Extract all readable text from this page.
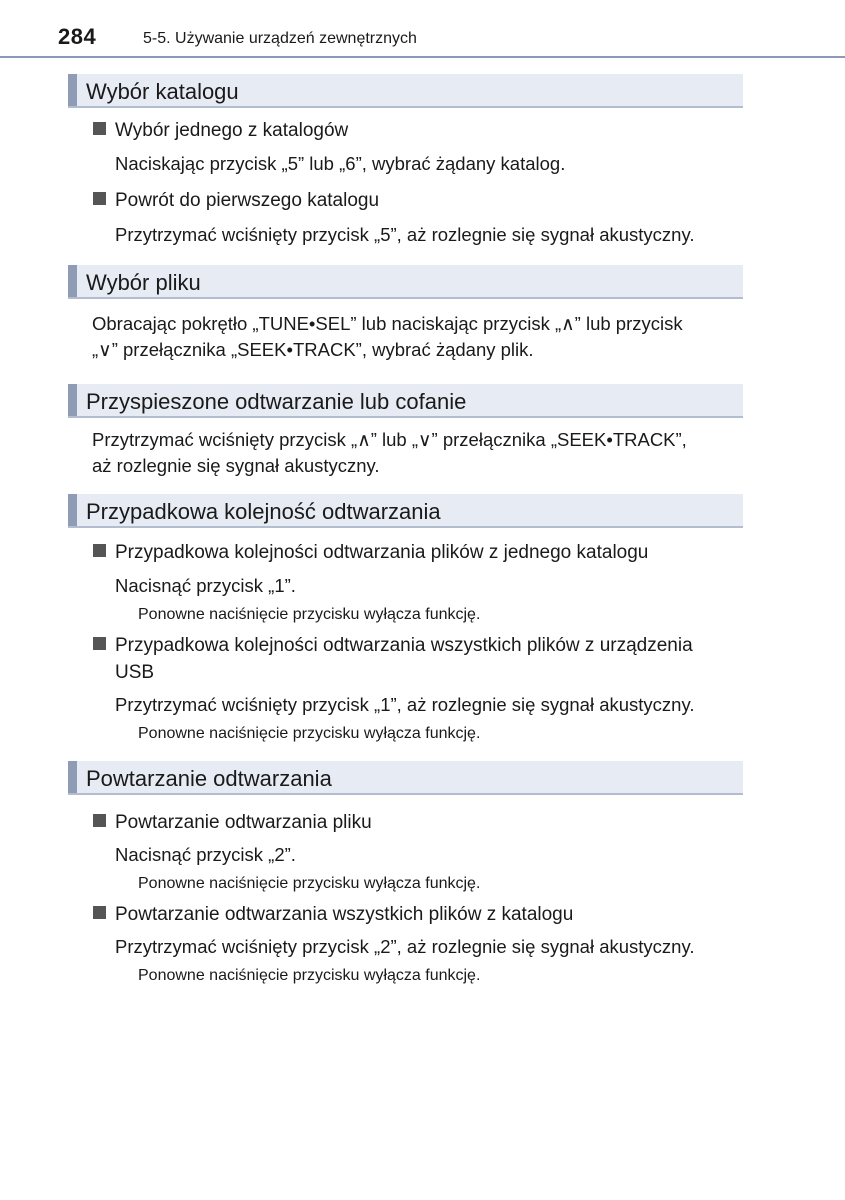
284	5-5. Używanie urządzeń zewnętrznych
Wybór katalogu
Wybór jednego z katalogów
Naciskając przycisk „5” lub „6”, wybrać żądany katalog.
Powrót do pierwszego katalogu
Przytrzymać wciśnięty przycisk „5”, aż rozlegnie się sygnał akustyczny.
Wybór pliku
Obracając pokrętło „TUNE•SEL” lub naciskając przycisk „∧” lub przycisk
„∨” przełącznika „SEEK•TRACK”, wybrać żądany plik.
Przyspieszone odtwarzanie lub cofanie
Przytrzymać wciśnięty przycisk „∧” lub „∨” przełącznika „SEEK•TRACK”,
aż rozlegnie się sygnał akustyczny.
Przypadkowa kolejność odtwarzania
Przypadkowa kolejności odtwarzania plików z jednego katalogu
Nacisnąć przycisk „1”.
Ponowne naciśnięcie przycisku wyłącza funkcję.
Przypadkowa kolejności odtwarzania wszystkich plików z urządzenia
USB
Przytrzymać wciśnięty przycisk „1”, aż rozlegnie się sygnał akustyczny.
Ponowne naciśnięcie przycisku wyłącza funkcję.
Powtarzanie odtwarzania
Powtarzanie odtwarzania pliku
Nacisnąć przycisk „2”.
Ponowne naciśnięcie przycisku wyłącza funkcję.
Powtarzanie odtwarzania wszystkich plików z katalogu
Przytrzymać wciśnięty przycisk „2”, aż rozlegnie się sygnał akustyczny.
Ponowne naciśnięcie przycisku wyłącza funkcję.
